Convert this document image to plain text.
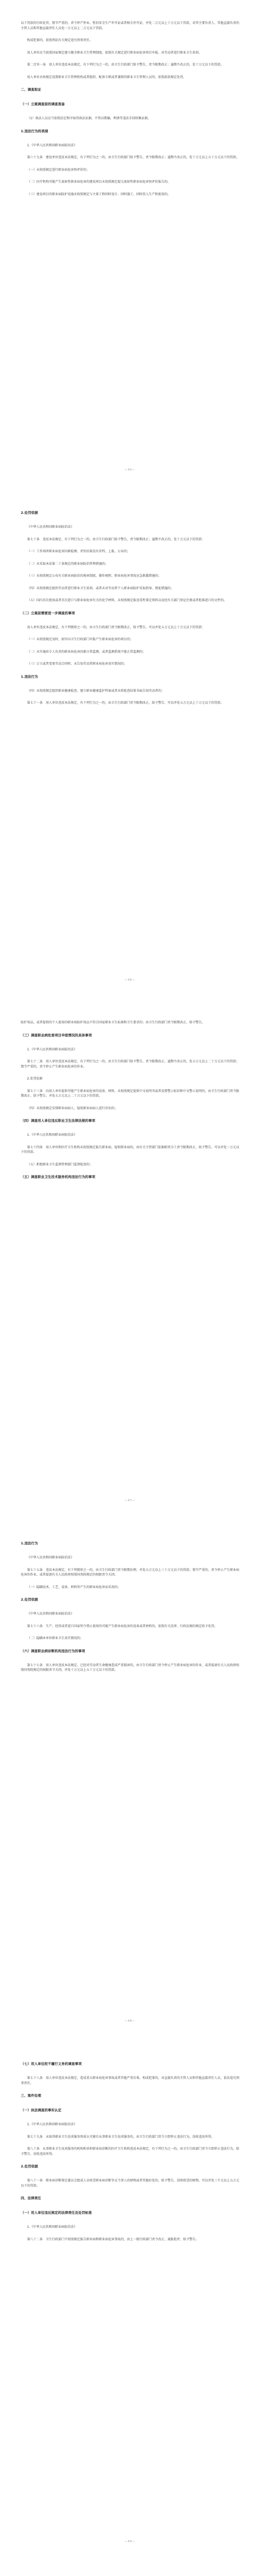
以下罚款的行政处罚，情节严重的，责令停产停业，暂扣安全生产许可证或者相关许可证，并处二万元以上十万元以下罚款，对其主要负责人、其他直接负责的主管人员和其他直接责任人员处一万元以上二万元以下罚款。

构成犯罪的，依照刑法有关规定追究刑事责任。

用人单位应当依照国家规定建立健全职业卫生管理制度，依照有关规定进行职业病危害项目申报，对劳动者进行职业卫生培训。

第二百零一条　用人单位违反本法规定，有下列行为之一的，由卫生行政部门给予警告，责令限期改正；逾期不改正的，处十万元以下的罚款。

用人单位未按规定设置职业卫生管理机构或者组织，配备专职或者兼职的职业卫生管理人员的，依照前款规定处罚。

二、调查取证

（一）立案调查前的调查准备

（1）执法人员应当依照法定程序取得执法证据，不得以欺骗、利诱等违法手段收集证据。

1.违法行为的表现

1.《中华人民共和国职业病防治法》

第六十九条　建设单位违反本法规定，有下列行为之一的，由卫生行政部门给予警告，责令限期改正；逾期不改正的，处十万元以上五十万元以下的罚款。

（一）未按照规定进行职业病危害预评价的；

（二）医疗机构可能产生放射性职业病危害的建设项目未按照规定提交放射性职业病危害预评价报告的。

（三）建设项目的职业病防护设施未按照规定与主体工程同时设计、同时施工、同时投入生产和使用的。

—45—

2.处罚依据

《中华人民共和国职业病防治法》

第七十条　违反本法规定，有下列行为之一的，由卫生行政部门给予警告，责令限期改正；逾期不改正的，处十万元以下的罚款：

（一）工作场所职业病危害因素检测、评价结果没有存档、上报、公布的；

（二）未采取本法第二十条规定的职业病防治管理措施的；

（三）未按照规定公布有关职业病防治的规章制度、操作规程、职业病危害事故应急救援措施的；

（四）未按照规定组织劳动者进行职业卫生培训，或者未对劳动者个人职业病防护采取指导、督促措施的；

（五）国内首次使用或者首次进口与职业病危害有关的化学材料，未按照规定报送毒性鉴定资料以及经有关部门登记注册或者批准进口的文件的。

（二）立案前需要进一步调查的事项

用人单位违反本法规定，有下列情形之一的，由卫生行政部门责令限期改正，给予警告，可以并处五万元以上十万元以下的罚款：

（一）未按照规定及时、如实向卫生行政部门申报产生职业病危害的项目的；

（二）未实施由专人负责的职业病危害因素日常监测，或者监测系统不能正常监测的；

（三）订立或者变更劳动合同时，未告知劳动者职业病危害真实情况的；

1.违法行为

（四）未按照规定组织职业健康检查、建立职业健康监护档案或者未将检查结果书面告知劳动者的；

第七十一条　用人单位违反本法规定，有下列行为之一的，由卫生行政部门责令限期改正，给予警告，可以并处五万元以上十万元以下的罚款。

—46—

防护用品，或者提供的个人使用的职业病防护用品不符合国家职业卫生标准和卫生要求的；由卫生行政部门责令限期改正，给予警告。

（三）调查职业病危害项目申报情况的具体事项

1.《中华人民共和国职业病防治法》

第七十二条　用人单位违反本法规定，有下列行为之一的，由卫生行政部门给予警告，责令限期改正，逾期不改正的，处五万元以上二十万元以下的罚款；情节严重的，责令停止产生职业病危害的作业。

2.处罚依据

第七十三条　向用人单位提供可能产生职业病危害的设备、材料，未按照规定提供中文说明书或者设置警示标识和中文警示说明的，由卫生行政部门责令限期改正，给予警告，并处五万元以上二十万元以下的罚款。

（四）未按照规定安排职业病病人、疑似职业病病人进行诊治的；

（四）调查用人单位违反职业卫生法律法规的事项

1.《中华人民共和国职业病防治法》

第七十四条　用人单位和医疗卫生机构未按照规定报告职业病、疑似职业病的，由有关主管部门依据职责分工责令限期改正，给予警告，可以并处一万元以下的罚款。

（五）拒绝职业卫生监督管理部门监督检查的；

（五）调查职业卫生技术服务机构违法行为的事项

—47—

1.违法行为

《中华人民共和国职业病防治法》

第七十五条　违反本法规定，有下列情形之一的，由卫生行政部门责令限期治理，并处五万元以上三十万元以下的罚款；情节严重的，责令停止产生职业病危害的作业，或者提请有关人民政府按照国务院规定的权限责令关闭。

（一）隐瞒技术、工艺、设备、材料所产生的职业病危害而采用的；

2.处罚依据

《中华人民共和国职业病防治法》

第七十六条　生产、经营或者进口国家明令禁止使用的可能产生职业病危害的设备或者材料的，依照有关法律、行政法规的规定给予处罚。

（二）隐瞒本单位职业卫生真实情况的；

（六）调查职业病诊断机构违法行为的事项

第七十七条　用人单位违反本法规定，已经对劳动者生命健康造成严重损害的，由卫生行政部门责令停止产生职业病危害的作业，或者提请有关人民政府按照国务院规定的权限责令关闭，并处十万元以上五十万元以下的罚款。

—48—

（七）用人单位拒不履行义务的调查事项

第七十八条　用人单位违反本法规定，造成重大职业病危害事故或者其他严重后果，构成犯罪的，对直接负责的主管人员和其他直接责任人员，依法追究刑事责任。

三、案件处理

（一）执法调查的事实认定

1.《中华人民共和国职业病防治法》

第七十九条　未取得职业卫生技术服务资质认可擅自从事职业卫生技术服务的，由卫生行政部门责令立即停止违法行为，没收违法所得。

第八十条　从事职业卫生技术服务的机构和承担职业病诊断的医疗卫生机构违反本法规定，有下列行为之一的，由卫生行政部门责令立即停止违法行为，给予警告，没收违法所得。

2.处罚依据

第八十一条　职业病诊断鉴定委员会组成人员收受职业病诊断争议当事人的财物或者其他好处的，给予警告，没收收受的财物，可以并处三千元以上五万元以下的罚款。

四、法律责任

（一）用人单位违反规定的法律责任及处罚标准

1.《中华人民共和国职业病防治法》

第八十二条　卫生行政部门不按照规定报告职业病和职业病危害事故的，由上一级行政部门责令改正，通报批评，给予警告。

—49—
